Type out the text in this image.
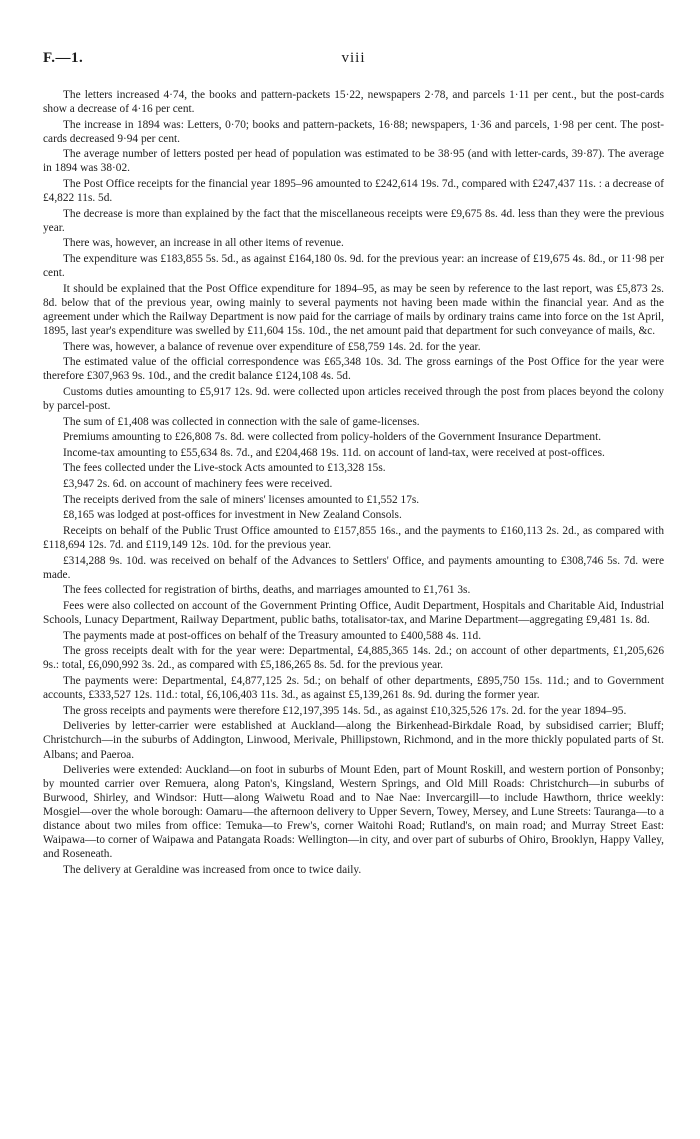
F.—1.	viii

The letters increased 4·74, the books and pattern-packets 15·22, newspapers 2·78, and parcels 1·11 per cent., but the post-cards show a decrease of 4·16 per cent.

The increase in 1894 was: Letters, 0·70; books and pattern-packets, 16·88; newspapers, 1·36 and parcels, 1·98 per cent. The post-cards decreased 9·94 per cent.

The average number of letters posted per head of population was estimated to be 38·95 (and with letter-cards, 39·87). The average in 1894 was 38·02.

The Post Office receipts for the financial year 1895–96 amounted to £242,614 19s. 7d., compared with £247,437 11s. : a decrease of £4,822 11s. 5d.

The decrease is more than explained by the fact that the miscellaneous receipts were £9,675 8s. 4d. less than they were the previous year.

There was, however, an increase in all other items of revenue.

The expenditure was £183,855 5s. 5d., as against £164,180 0s. 9d. for the previous year: an increase of £19,675 4s. 8d., or 11·98 per cent.

It should be explained that the Post Office expenditure for 1894–95, as may be seen by reference to the last report, was £5,873 2s. 8d. below that of the previous year, owing mainly to several payments not having been made within the financial year. And as the agreement under which the Railway Department is now paid for the carriage of mails by ordinary trains came into force on the 1st April, 1895, last year's expenditure was swelled by £11,604 15s. 10d., the net amount paid that department for such conveyance of mails, &c.

There was, however, a balance of revenue over expenditure of £58,759 14s. 2d. for the year.

The estimated value of the official correspondence was £65,348 10s. 3d. The gross earnings of the Post Office for the year were therefore £307,963 9s. 10d., and the credit balance £124,108 4s. 5d.

Customs duties amounting to £5,917 12s. 9d. were collected upon articles received through the post from places beyond the colony by parcel-post.

The sum of £1,408 was collected in connection with the sale of game-licenses.

Premiums amounting to £26,808 7s. 8d. were collected from policy-holders of the Government Insurance Department.

Income-tax amounting to £55,634 8s. 7d., and £204,468 19s. 11d. on account of land-tax, were received at post-offices.

The fees collected under the Live-stock Acts amounted to £13,328 15s.

£3,947 2s. 6d. on account of machinery fees were received.

The receipts derived from the sale of miners' licenses amounted to £1,552 17s.

£8,165 was lodged at post-offices for investment in New Zealand Consols.

Receipts on behalf of the Public Trust Office amounted to £157,855 16s., and the payments to £160,113 2s. 2d., as compared with £118,694 12s. 7d. and £119,149 12s. 10d. for the previous year.

£314,288 9s. 10d. was received on behalf of the Advances to Settlers' Office, and payments amounting to £308,746 5s. 7d. were made.

The fees collected for registration of births, deaths, and marriages amounted to £1,761 3s.

Fees were also collected on account of the Government Printing Office, Audit Department, Hospitals and Charitable Aid, Industrial Schools, Lunacy Department, Railway Department, public baths, totalisator-tax, and Marine Department—aggregating £9,481 1s. 8d.

The payments made at post-offices on behalf of the Treasury amounted to £400,588 4s. 11d.

The gross receipts dealt with for the year were: Departmental, £4,885,365 14s. 2d.; on account of other departments, £1,205,626 9s.: total, £6,090,992 3s. 2d., as compared with £5,186,265 8s. 5d. for the previous year.

The payments were: Departmental, £4,877,125 2s. 5d.; on behalf of other departments, £895,750 15s. 11d.; and to Government accounts, £333,527 12s. 11d.: total, £6,106,403 11s. 3d., as against £5,139,261 8s. 9d. during the former year.

The gross receipts and payments were therefore £12,197,395 14s. 5d., as against £10,325,526 17s. 2d. for the year 1894–95.

Deliveries by letter-carrier were established at Auckland—along the Birkenhead-Birkdale Road, by subsidised carrier; Bluff; Christchurch—in the suburbs of Addington, Linwood, Merivale, Phillipstown, Richmond, and in the more thickly populated parts of St. Albans; and Paeroa.

Deliveries were extended: Auckland—on foot in suburbs of Mount Eden, part of Mount Roskill, and western portion of Ponsonby; by mounted carrier over Remuera, along Paton's, Kingsland, Western Springs, and Old Mill Roads: Christchurch—in suburbs of Burwood, Shirley, and Windsor: Hutt—along Waiwetu Road and to Nae Nae: Invercargill—to include Hawthorn, thrice weekly: Mosgiel—over the whole borough: Oamaru—the afternoon delivery to Upper Severn, Towey, Mersey, and Lune Streets: Tauranga—to a distance about two miles from office: Temuka—to Frew's, corner Waitohi Road; Rutland's, on main road; and Murray Street East: Waipawa—to corner of Waipawa and Patangata Roads: Wellington—in city, and over part of suburbs of Ohiro, Brooklyn, Happy Valley, and Roseneath.

The delivery at Geraldine was increased from once to twice daily.
